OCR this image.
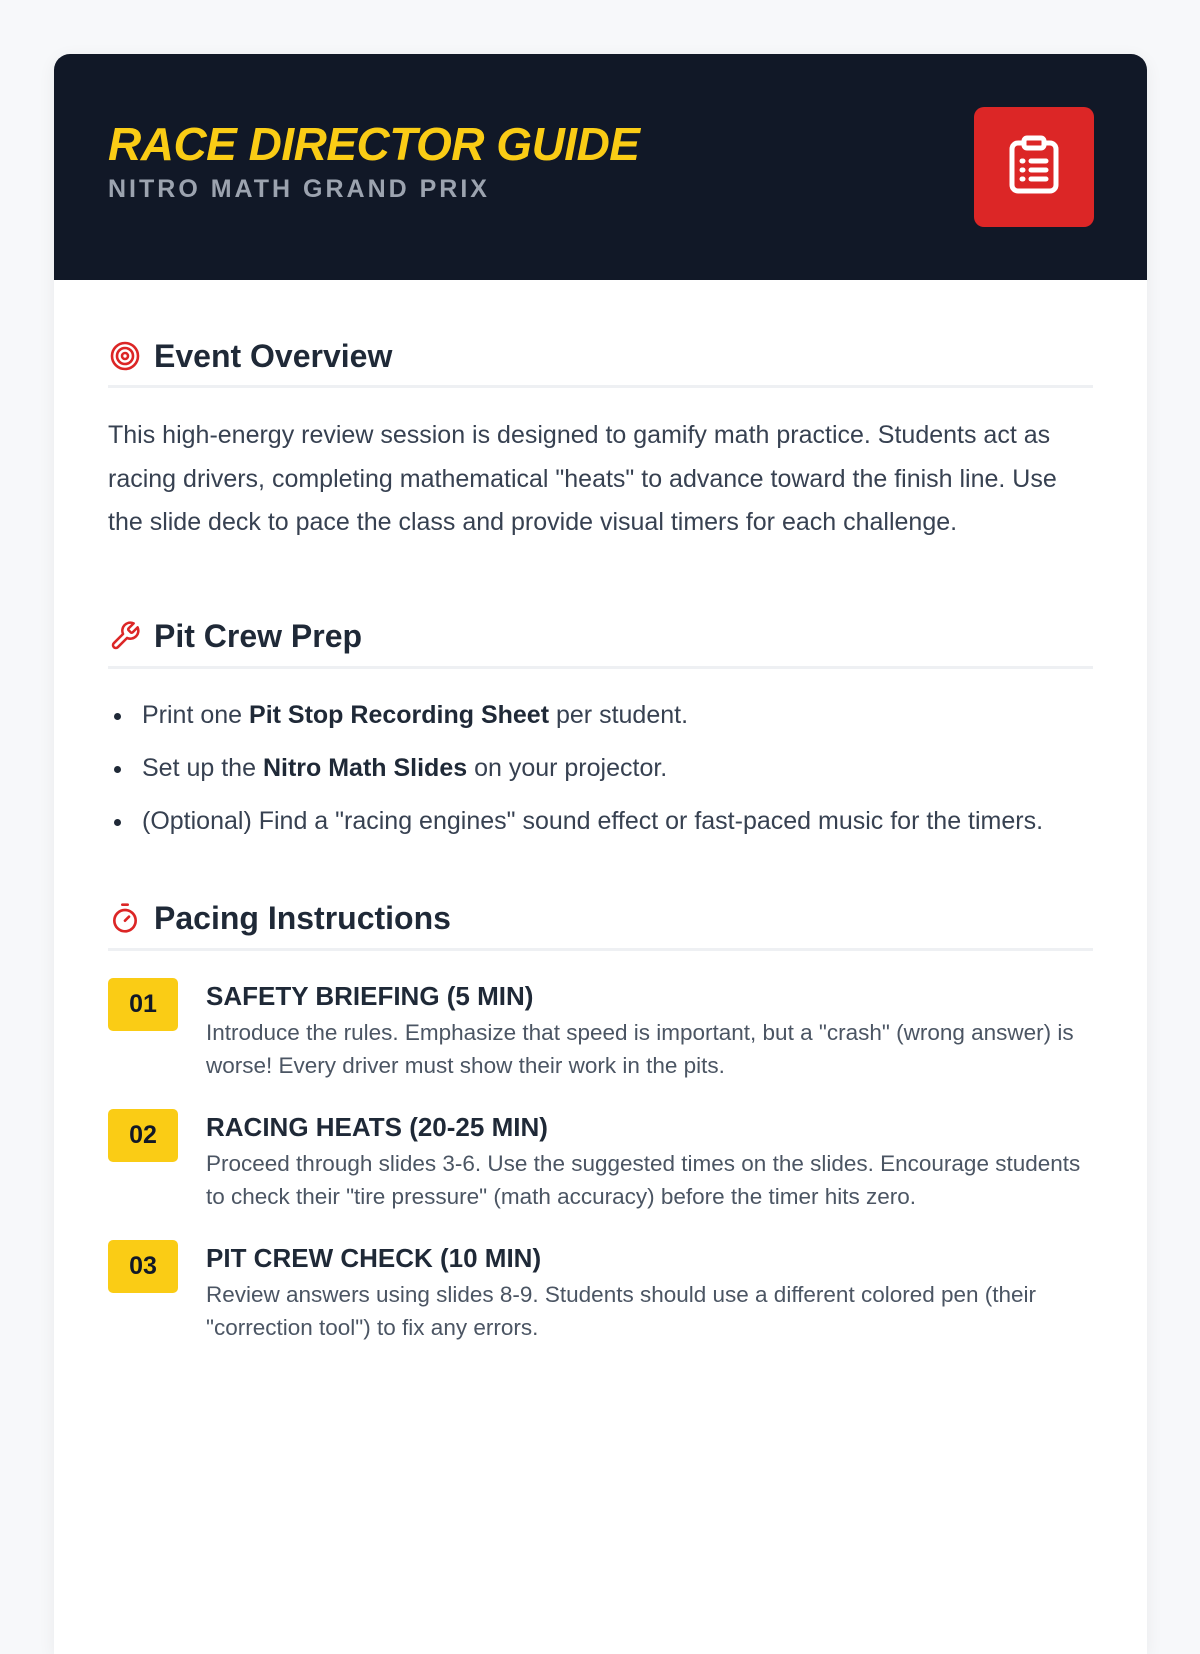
RACE DIRECTOR GUIDE
NITRO MATH GRAND PRIX
Event Overview

This high-energy review session is designed to gamify math practice. Students act as racing drivers, completing mathematical "heats" to advance toward the finish line. Use the slide deck to pace the class and provide visual timers for each challenge.

Pit Crew Prep
Print one Pit Stop Recording Sheet per student.
Set up the Nitro Math Slides on your projector.
(Optional) Find a "racing engines" sound effect or fast-paced music for the timers.
Pacing Instructions
01	SAFETY BRIEFING (5 MIN)
Introduce the rules. Emphasize that speed is important, but a "crash" (wrong answer) is worse! Every driver must show their work in the pits.
02	RACING HEATS (20-25 MIN)
Proceed through slides 3-6. Use the suggested times on the slides. Encourage students to check their "tire pressure" (math accuracy) before the timer hits zero.
03	PIT CREW CHECK (10 MIN)
Review answers using slides 8-9. Students should use a different colored pen (their "correction tool") to fix any errors.
